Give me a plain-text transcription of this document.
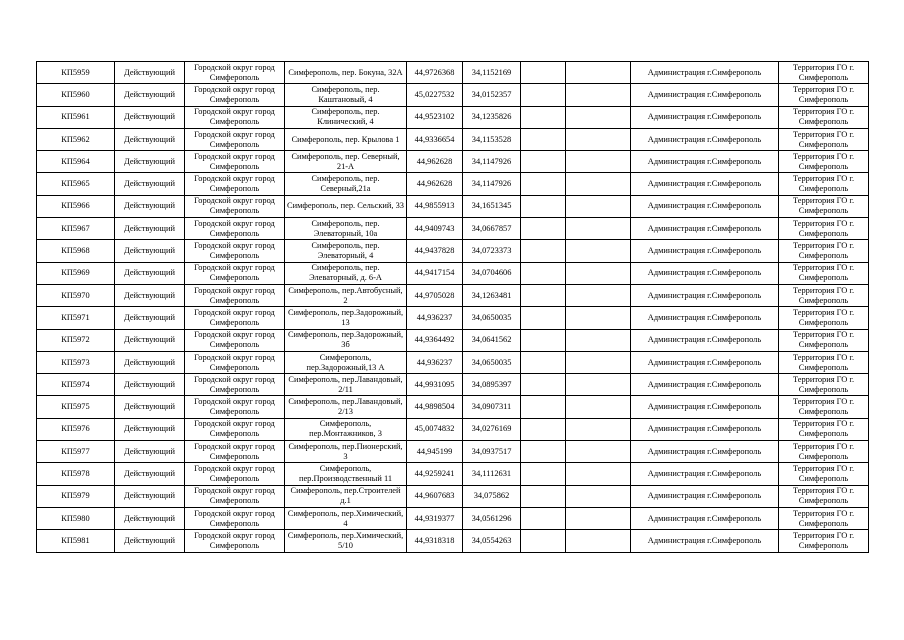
КП5959	Действующий	Городской округ город Симферополь	Симферополь, пер. Бокуна, 32А	44,9726368	34,1152169			Администрация г.Симферополь	Территория ГО г. Симферополь
КП5960	Действующий	Городской округ город Симферополь	Симферополь, пер. Каштановый, 4	45,0227532	34,0152357			Администрация г.Симферополь	Территория ГО г. Симферополь
КП5961	Действующий	Городской округ город Симферополь	Симферополь, пер. Клинический, 4	44,9523102	34,1235826			Администрация г.Симферополь	Территория ГО г. Симферополь
КП5962	Действующий	Городской округ город Симферополь	Симферополь, пер. Крылова 1	44,9336654	34,1153528			Администрация г.Симферополь	Территория ГО г. Симферополь
КП5964	Действующий	Городской округ город Симферополь	Симферополь, пер. Северный, 21-А	44,962628	34,1147926			Администрация г.Симферополь	Территория ГО г. Симферополь
КП5965	Действующий	Городской округ город Симферополь	Симферополь, пер. Северный,21а	44,962628	34,1147926			Администрация г.Симферополь	Территория ГО г. Симферополь
КП5966	Действующий	Городской округ город Симферополь	Симферополь, пер. Сельский, 33	44,9855913	34,1651345			Администрация г.Симферополь	Территория ГО г. Симферополь
КП5967	Действующий	Городской округ город Симферополь	Симферополь, пер. Элеваторный, 10а	44,9409743	34,0667857			Администрация г.Симферополь	Территория ГО г. Симферополь
КП5968	Действующий	Городской округ город Симферополь	Симферополь, пер. Элеваторный, 4	44,9437828	34,0723373			Администрация г.Симферополь	Территория ГО г. Симферополь
КП5969	Действующий	Городской округ город Симферополь	Симферополь, пер. Элеваторный, д. 6-А	44,9417154	34,0704606			Администрация г.Симферополь	Территория ГО г. Симферополь
КП5970	Действующий	Городской округ город Симферополь	Симферополь, пер.Автобусный, 2	44,9705028	34,1263481			Администрация г.Симферополь	Территория ГО г. Симферополь
КП5971	Действующий	Городской округ город Симферополь	Симферополь, пер.Задорожный, 13	44,936237	34,0650035			Администрация г.Симферополь	Территория ГО г. Симферополь
КП5972	Действующий	Городской округ город Симферополь	Симферополь, пер.Задорожный, 3б	44,9364492	34,0641562			Администрация г.Симферополь	Территория ГО г. Симферополь
КП5973	Действующий	Городской округ город Симферополь	Симферополь, пер.Задорожный,13 А	44,936237	34,0650035			Администрация г.Симферополь	Территория ГО г. Симферополь
КП5974	Действующий	Городской округ город Симферополь	Симферополь, пер.Лавандовый, 2/11	44,9931095	34,0895397			Администрация г.Симферополь	Территория ГО г. Симферополь
КП5975	Действующий	Городской округ город Симферополь	Симферополь, пер.Лавандовый, 2/13	44,9898504	34,0907311			Администрация г.Симферополь	Территория ГО г. Симферополь
КП5976	Действующий	Городской округ город Симферополь	Симферополь, пер.Монтажников, 3	45,0074832	34,0276169			Администрация г.Симферополь	Территория ГО г. Симферополь
КП5977	Действующий	Городской округ город Симферополь	Симферополь, пер.Пионерский, 3	44,945199	34,0937517			Администрация г.Симферополь	Территория ГО г. Симферополь
КП5978	Действующий	Городской округ город Симферополь	Симферополь, пер.Производственный 11	44,9259241	34,1112631			Администрация г.Симферополь	Территория ГО г. Симферополь
КП5979	Действующий	Городской округ город Симферополь	Симферополь, пер.Строителей д.1	44,9607683	34,075862			Администрация г.Симферополь	Территория ГО г. Симферополь
КП5980	Действующий	Городской округ город Симферополь	Симферополь, пер.Химический, 4	44,9319377	34,0561296			Администрация г.Симферополь	Территория ГО г. Симферополь
КП5981	Действующий	Городской округ город Симферополь	Симферополь, пер.Химический, 5/10	44,9318318	34,0554263			Администрация г.Симферополь	Территория ГО г. Симферополь
